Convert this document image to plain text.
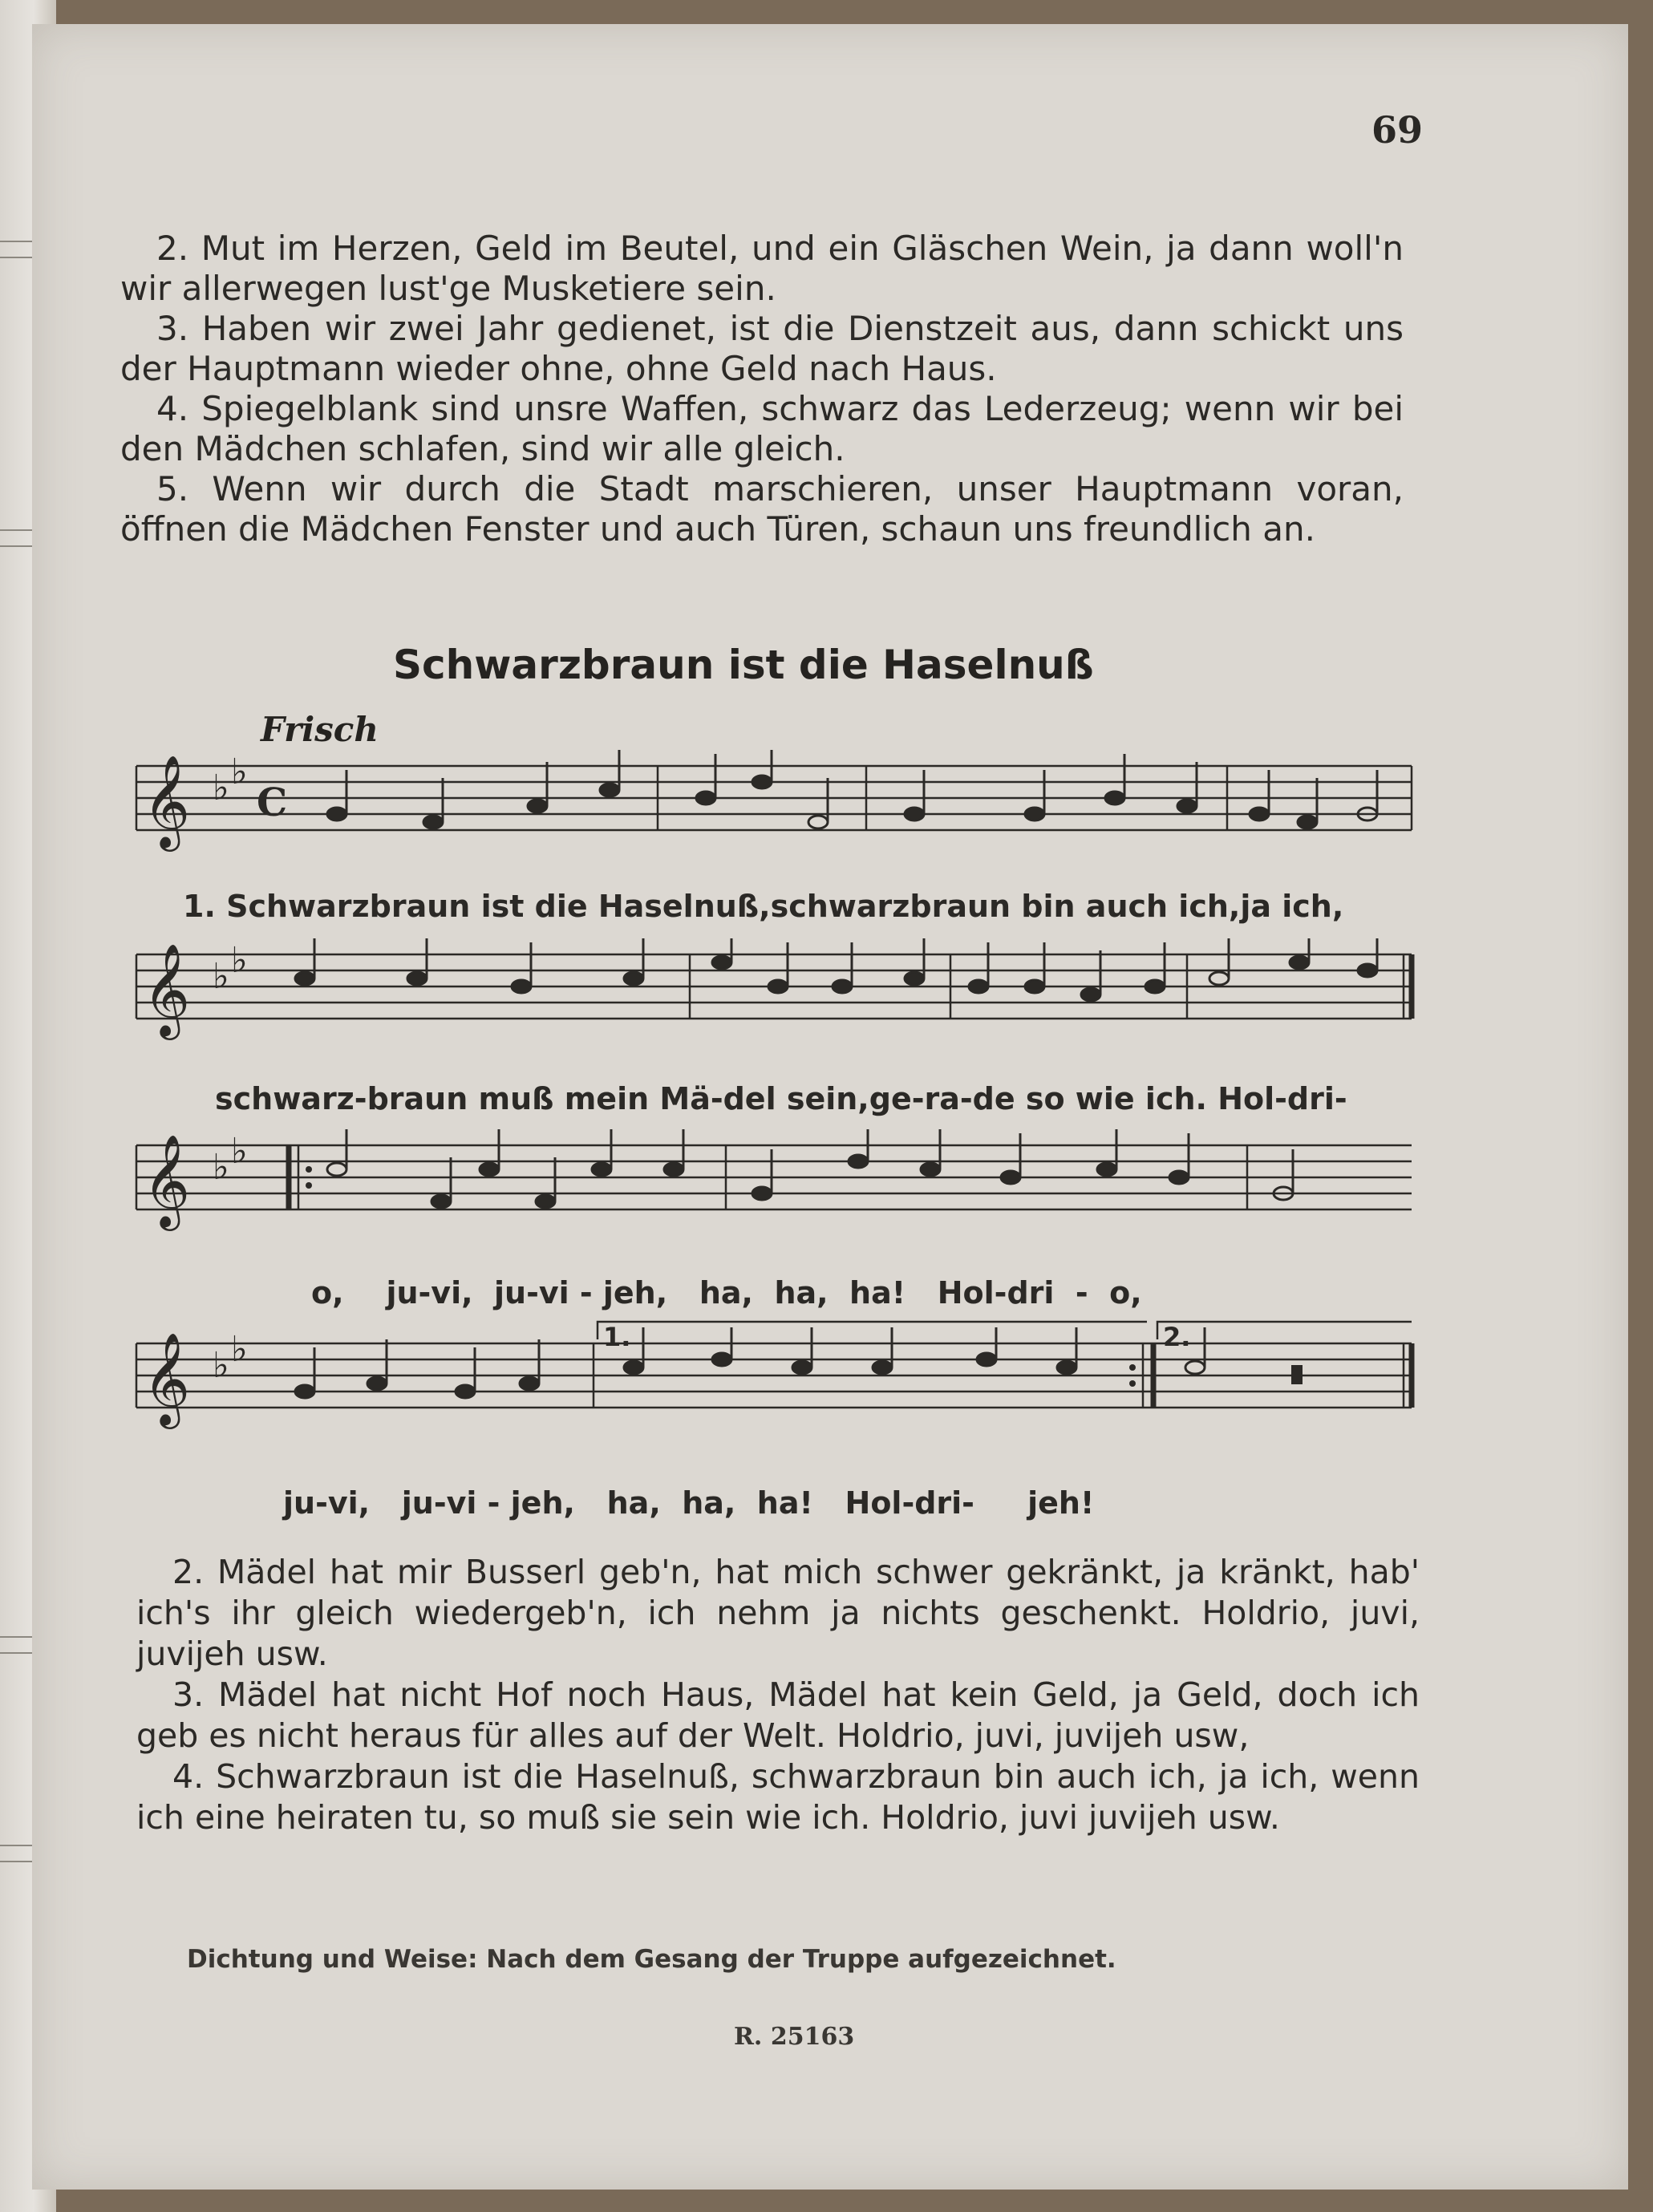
69

2. Mut im Herzen, Geld im Beutel, und ein Gläschen Wein, ja dann woll'n wir allerwegen lust'ge Musketiere sein.

3. Haben wir zwei Jahr gedienet, ist die Dienstzeit aus, dann schickt uns der Hauptmann wieder ohne, ohne Geld nach Haus.

4. Spiegelblank sind unsre Waffen, schwarz das Lederzeug; wenn wir bei den Mädchen schlafen, sind wir alle gleich.

5. Wenn wir durch die Stadt marschieren, unser Hauptmann voran, öffnen die Mädchen Fenster und auch Türen, schaun uns freundlich an.

Schwarzbraun ist die Haselnuß
Frisch
𝄞 ♭ ♭
C
1. Schwarzbraun ist die Haselnuß,schwarzbraun bin auch ich,ja ich,
𝄞 ♭ ♭
schwarz-braun muß mein Mä-del sein,ge-ra-de so wie ich. Hol-dri-
𝄞 ♭ ♭
o,    ju-vi,  ju-vi - jeh,   ha,  ha,  ha!   Hol-dri  -  o,
𝄞 ♭ ♭	1.	2.
ju-vi,   ju-vi - jeh,   ha,  ha,  ha!   Hol-dri-     jeh!

2. Mädel hat mir Busserl geb'n, hat mich schwer gekränkt, ja kränkt, hab' ich's ihr gleich wiedergeb'n, ich nehm ja nichts geschenkt. Holdrio, juvi, juvijeh usw.

3. Mädel hat nicht Hof noch Haus, Mädel hat kein Geld, ja Geld, doch ich geb es nicht heraus für alles auf der Welt. Holdrio, juvi, juvijeh usw,

4. Schwarzbraun ist die Haselnuß, schwarzbraun bin auch ich, ja ich, wenn ich eine heiraten tu, so muß sie sein wie ich. Holdrio, juvi juvijeh usw.

Dichtung und Weise: Nach dem Gesang der Truppe aufgezeichnet.
R. 25163
